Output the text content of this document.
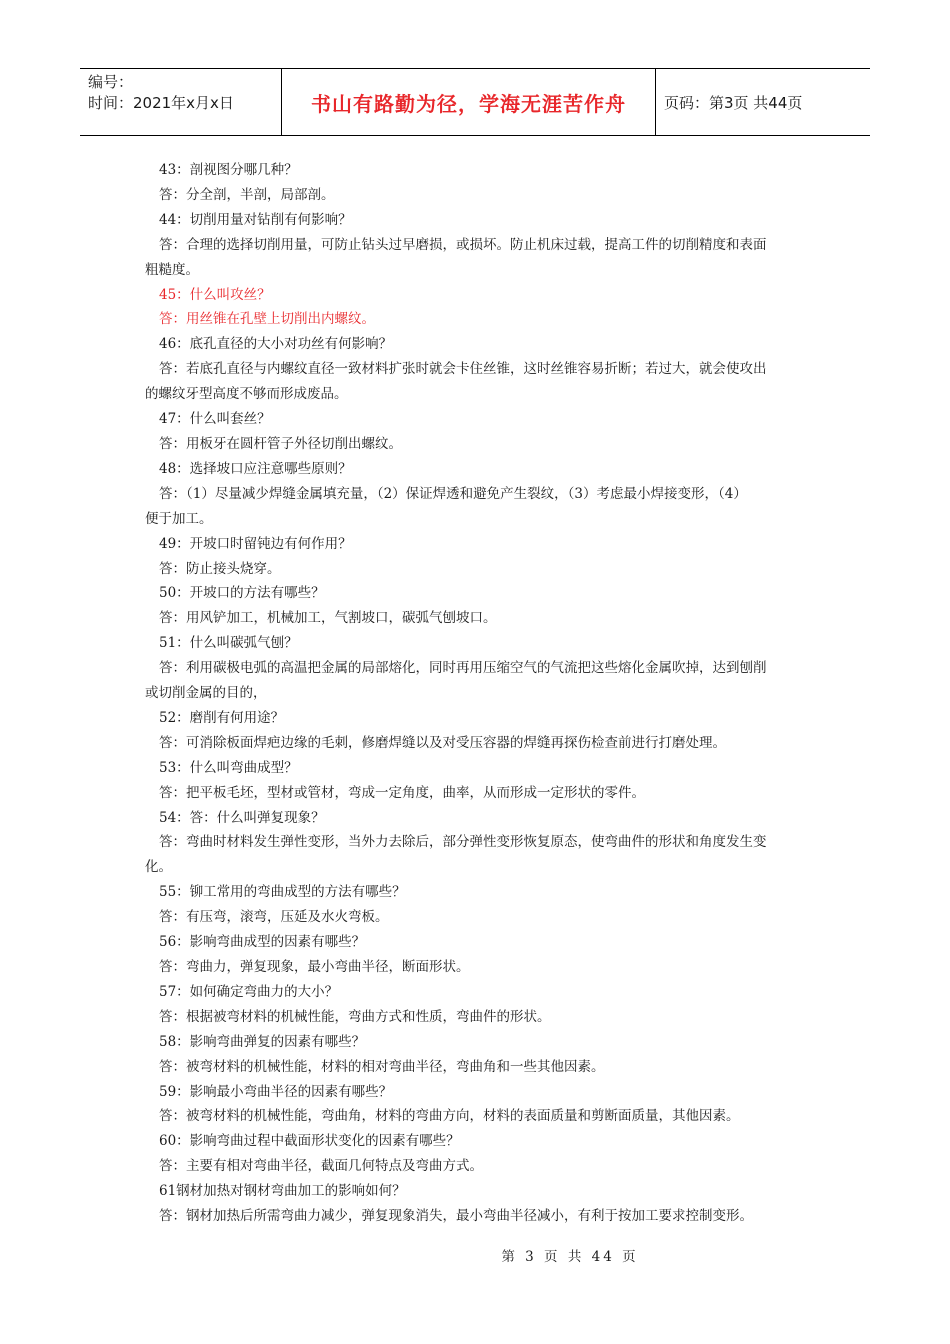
编号：
时间：2021年x月x日	书山有路勤为径，学海无涯苦作舟	页码：第3页 共44页
43：剖视图分哪几种？
答：分全剖，半剖，局部剖。
44：切削用量对钻削有何影响？
答：合理的选择切削用量，可防止钻头过早磨损，或损坏。防止机床过载，提高工件的切削精度和表面
粗糙度。
45：什么叫攻丝？
答：用丝锥在孔壁上切削出内螺纹。
46：底孔直径的大小对功丝有何影响？
答：若底孔直径与内螺纹直径一致材料扩张时就会卡住丝锥，这时丝锥容易折断；若过大，就会使攻出
的螺纹牙型高度不够而形成废品。
47：什么叫套丝？
答：用板牙在圆杆管子外径切削出螺纹。
48：选择坡口应注意哪些原则？
答：（1）尽量减少焊缝金属填充量，（2）保证焊透和避免产生裂纹，（3）考虑最小焊接变形，（4）
便于加工。
49：开坡口时留钝边有何作用？
答：防止接头烧穿。
50：开坡口的方法有哪些？
答：用风铲加工，机械加工，气割坡口，碳弧气刨坡口。
51：什么叫碳弧气刨？
答：利用碳极电弧的高温把金属的局部熔化，同时再用压缩空气的气流把这些熔化金属吹掉，达到刨削
或切削金属的目的，
52：磨削有何用途？
答：可消除板面焊疤边缘的毛刺，修磨焊缝以及对受压容器的焊缝再探伤检查前进行打磨处理。
53：什么叫弯曲成型？
答：把平板毛坯，型材或管材，弯成一定角度，曲率，从而形成一定形状的零件。
54：答：什么叫弹复现象？
答：弯曲时材料发生弹性变形，当外力去除后，部分弹性变形恢复原态，使弯曲件的形状和角度发生变
化。
55：铆工常用的弯曲成型的方法有哪些？
答：有压弯，滚弯，压延及水火弯板。
56：影响弯曲成型的因素有哪些？
答：弯曲力，弹复现象，最小弯曲半径，断面形状。
57：如何确定弯曲力的大小？
答：根据被弯材料的机械性能，弯曲方式和性质，弯曲件的形状。
58：影响弯曲弹复的因素有哪些？
答：被弯材料的机械性能，材料的相对弯曲半径，弯曲角和一些其他因素。
59：影响最小弯曲半径的因素有哪些？
答：被弯材料的机械性能，弯曲角，材料的弯曲方向，材料的表面质量和剪断面质量，其他因素。
60：影响弯曲过程中截面形状变化的因素有哪些？
答：主要有相对弯曲半径，截面几何特点及弯曲方式。
61钢材加热对钢材弯曲加工的影响如何？
答：钢材加热后所需弯曲力减少，弹复现象消失，最小弯曲半径减小，有利于按加工要求控制变形。
第 3 页 共 44 页
